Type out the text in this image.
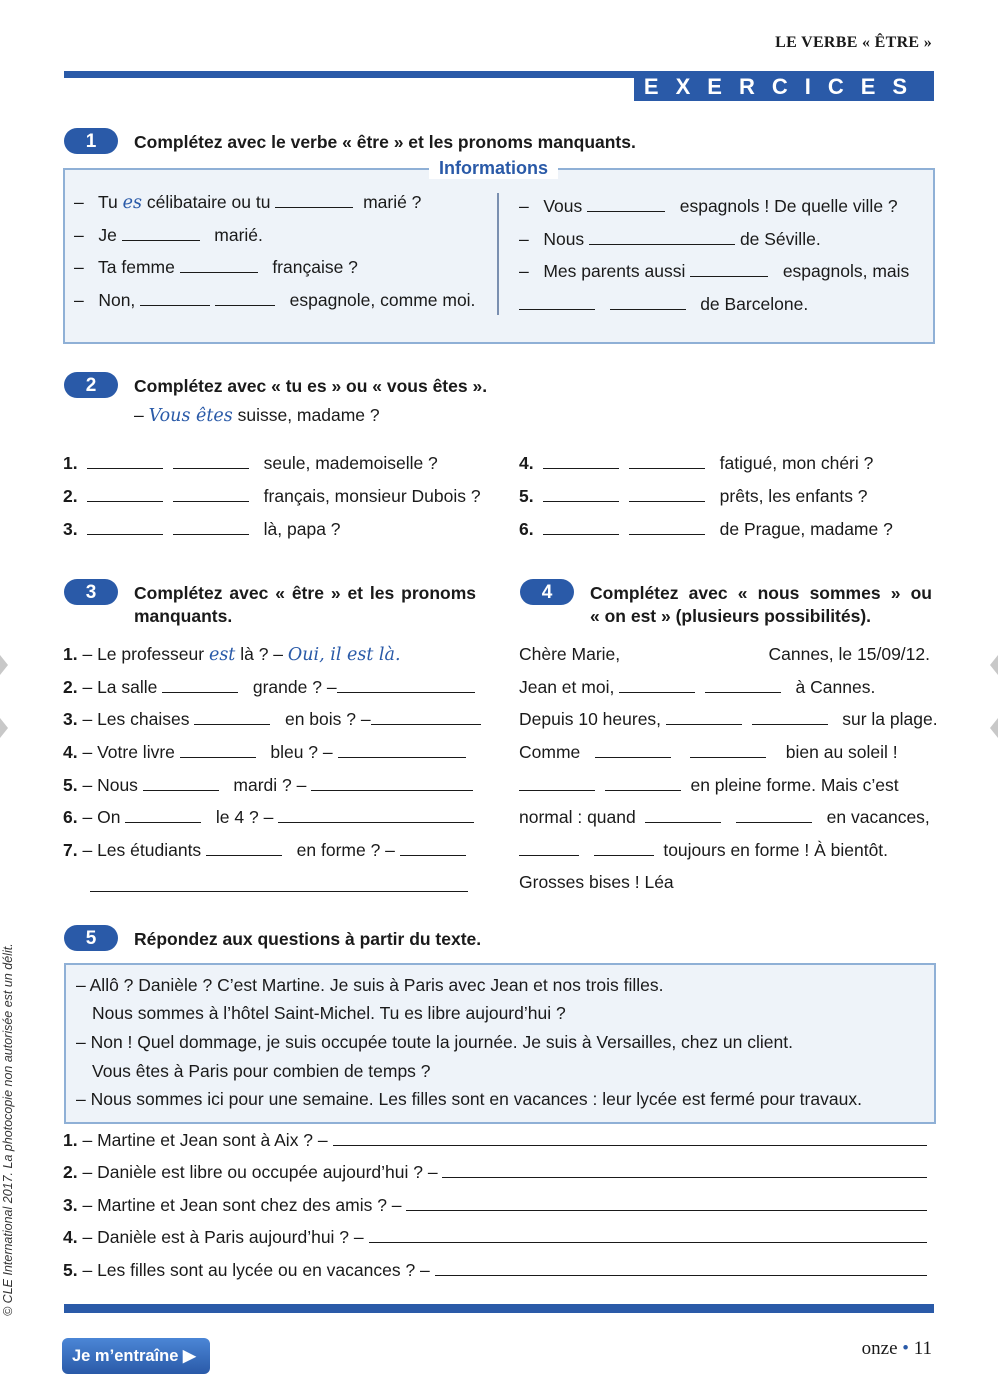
LE VERBE « ÊTRE »
EXERCICES
1	Complétez avec le verbe « être » et les pronoms manquants.
Informations
– Tu es célibataire ou tu	marié ?
– Je	marié.
– Ta femme	française ?
– Non,	espagnole, comme moi.
– Vous	espagnols ! De quelle ville ?
– Nous	de Séville.
– Mes parents aussi	espagnols, mais
de Barcelone.
2	Complétez avec « tu es » ou « vous êtes ».
– Vous êtes suisse, madame ?
1.	seule, mademoiselle ?
2.	français, monsieur Dubois ?
3.	là, papa ?
4.	fatigué, mon chéri ?
5.	prêts, les enfants ?
6.	de Prague, madame ?
3	Complétez avec « être » et les pronoms
manquants.
1. – Le professeur est là ? – Oui, il est là.
2. – La salle	grande ? –
3. – Les chaises	en bois ? –
4. – Votre livre	bleu ? –
5. – Nous	mardi ? –
6. – On	le 4 ? –
7. – Les étudiants	en forme ? –
4	Complétez avec « nous sommes » ou
« on est » (plusieurs possibilités).
Chère Marie,	Cannes, le 15/09/12.
Jean et moi,	à Cannes.
Depuis 10 heures,	sur la plage.
Comme	bien au soleil !
en pleine forme. Mais c’est
normal : quand	en vacances,
toujours en forme ! À bientôt.
Grosses bises ! Léa
5	Répondez aux questions à partir du texte.
– Allô ? Danièle ? C’est Martine. Je suis à Paris avec Jean et nos trois filles.
Nous sommes à l’hôtel Saint-Michel. Tu es libre aujourd’hui ?
– Non ! Quel dommage, je suis occupée toute la journée. Je suis à Versailles, chez un client.
Vous êtes à Paris pour combien de temps ?
– Nous sommes ici pour une semaine. Les filles sont en vacances : leur lycée est fermé pour travaux.
1.
– Martine et Jean sont à Aix ? –

2.
– Danièle est libre ou occupée aujourd’hui ? –

3.
– Martine et Jean sont chez des amis ? –

4.
– Danièle est à Paris aujourd’hui ? –

5.
– Les filles sont au lycée ou en vacances ? –

© CLE International 2017. La photocopie non autorisée est un délit.
Je m’entraîne ▶	onze • 11
